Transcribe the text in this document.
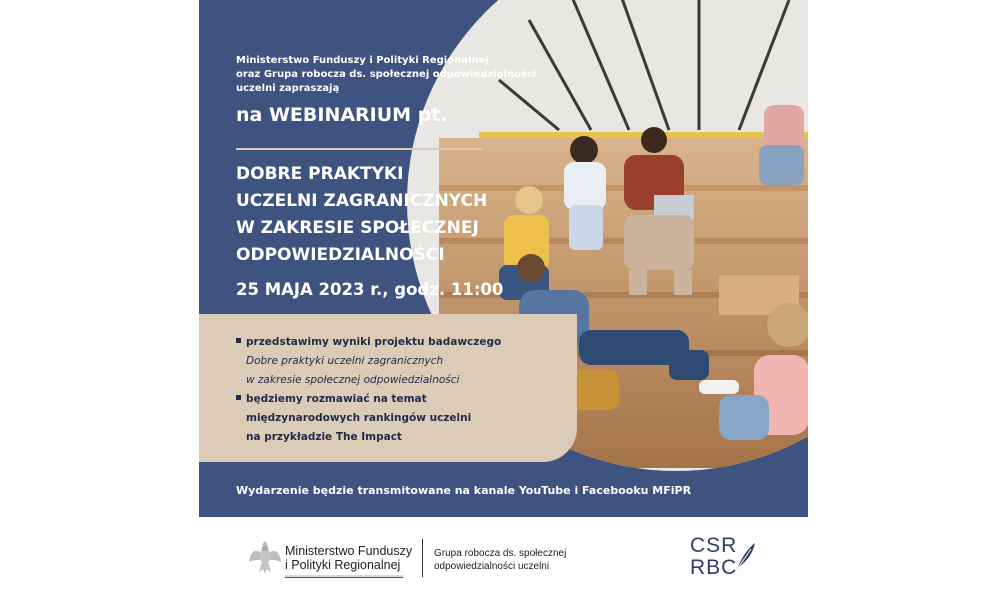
Ministerstwo Funduszy i Polityki Regionalnej
oraz Grupa robocza ds. społecznej odpowiedzialności
uczelni zapraszają
na WEBINARIUM pt.
DOBRE PRAKTYKI
UCZELNI ZAGRANICZNYCH
W ZAKRESIE SPOŁECZNEJ
ODPOWIEDZIALNOŚCI
25 MAJA 2023 r., godz. 11:00
przedstawimy wyniki projektu badawczego
Dobre praktyki uczelni zagranicznych
w zakresie społecznej odpowiedzialności
będziemy rozmawiać na temat
międzynarodowych rankingów uczelni
na przykładzie The Impact
Wydarzenie będzie transmitowane na kanale YouTube i Facebooku MFiPR
Ministerstwo Funduszy
i Polityki Regionalnej
Grupa robocza ds. społecznej
odpowiedzialności uczelni
CSR
RBC
